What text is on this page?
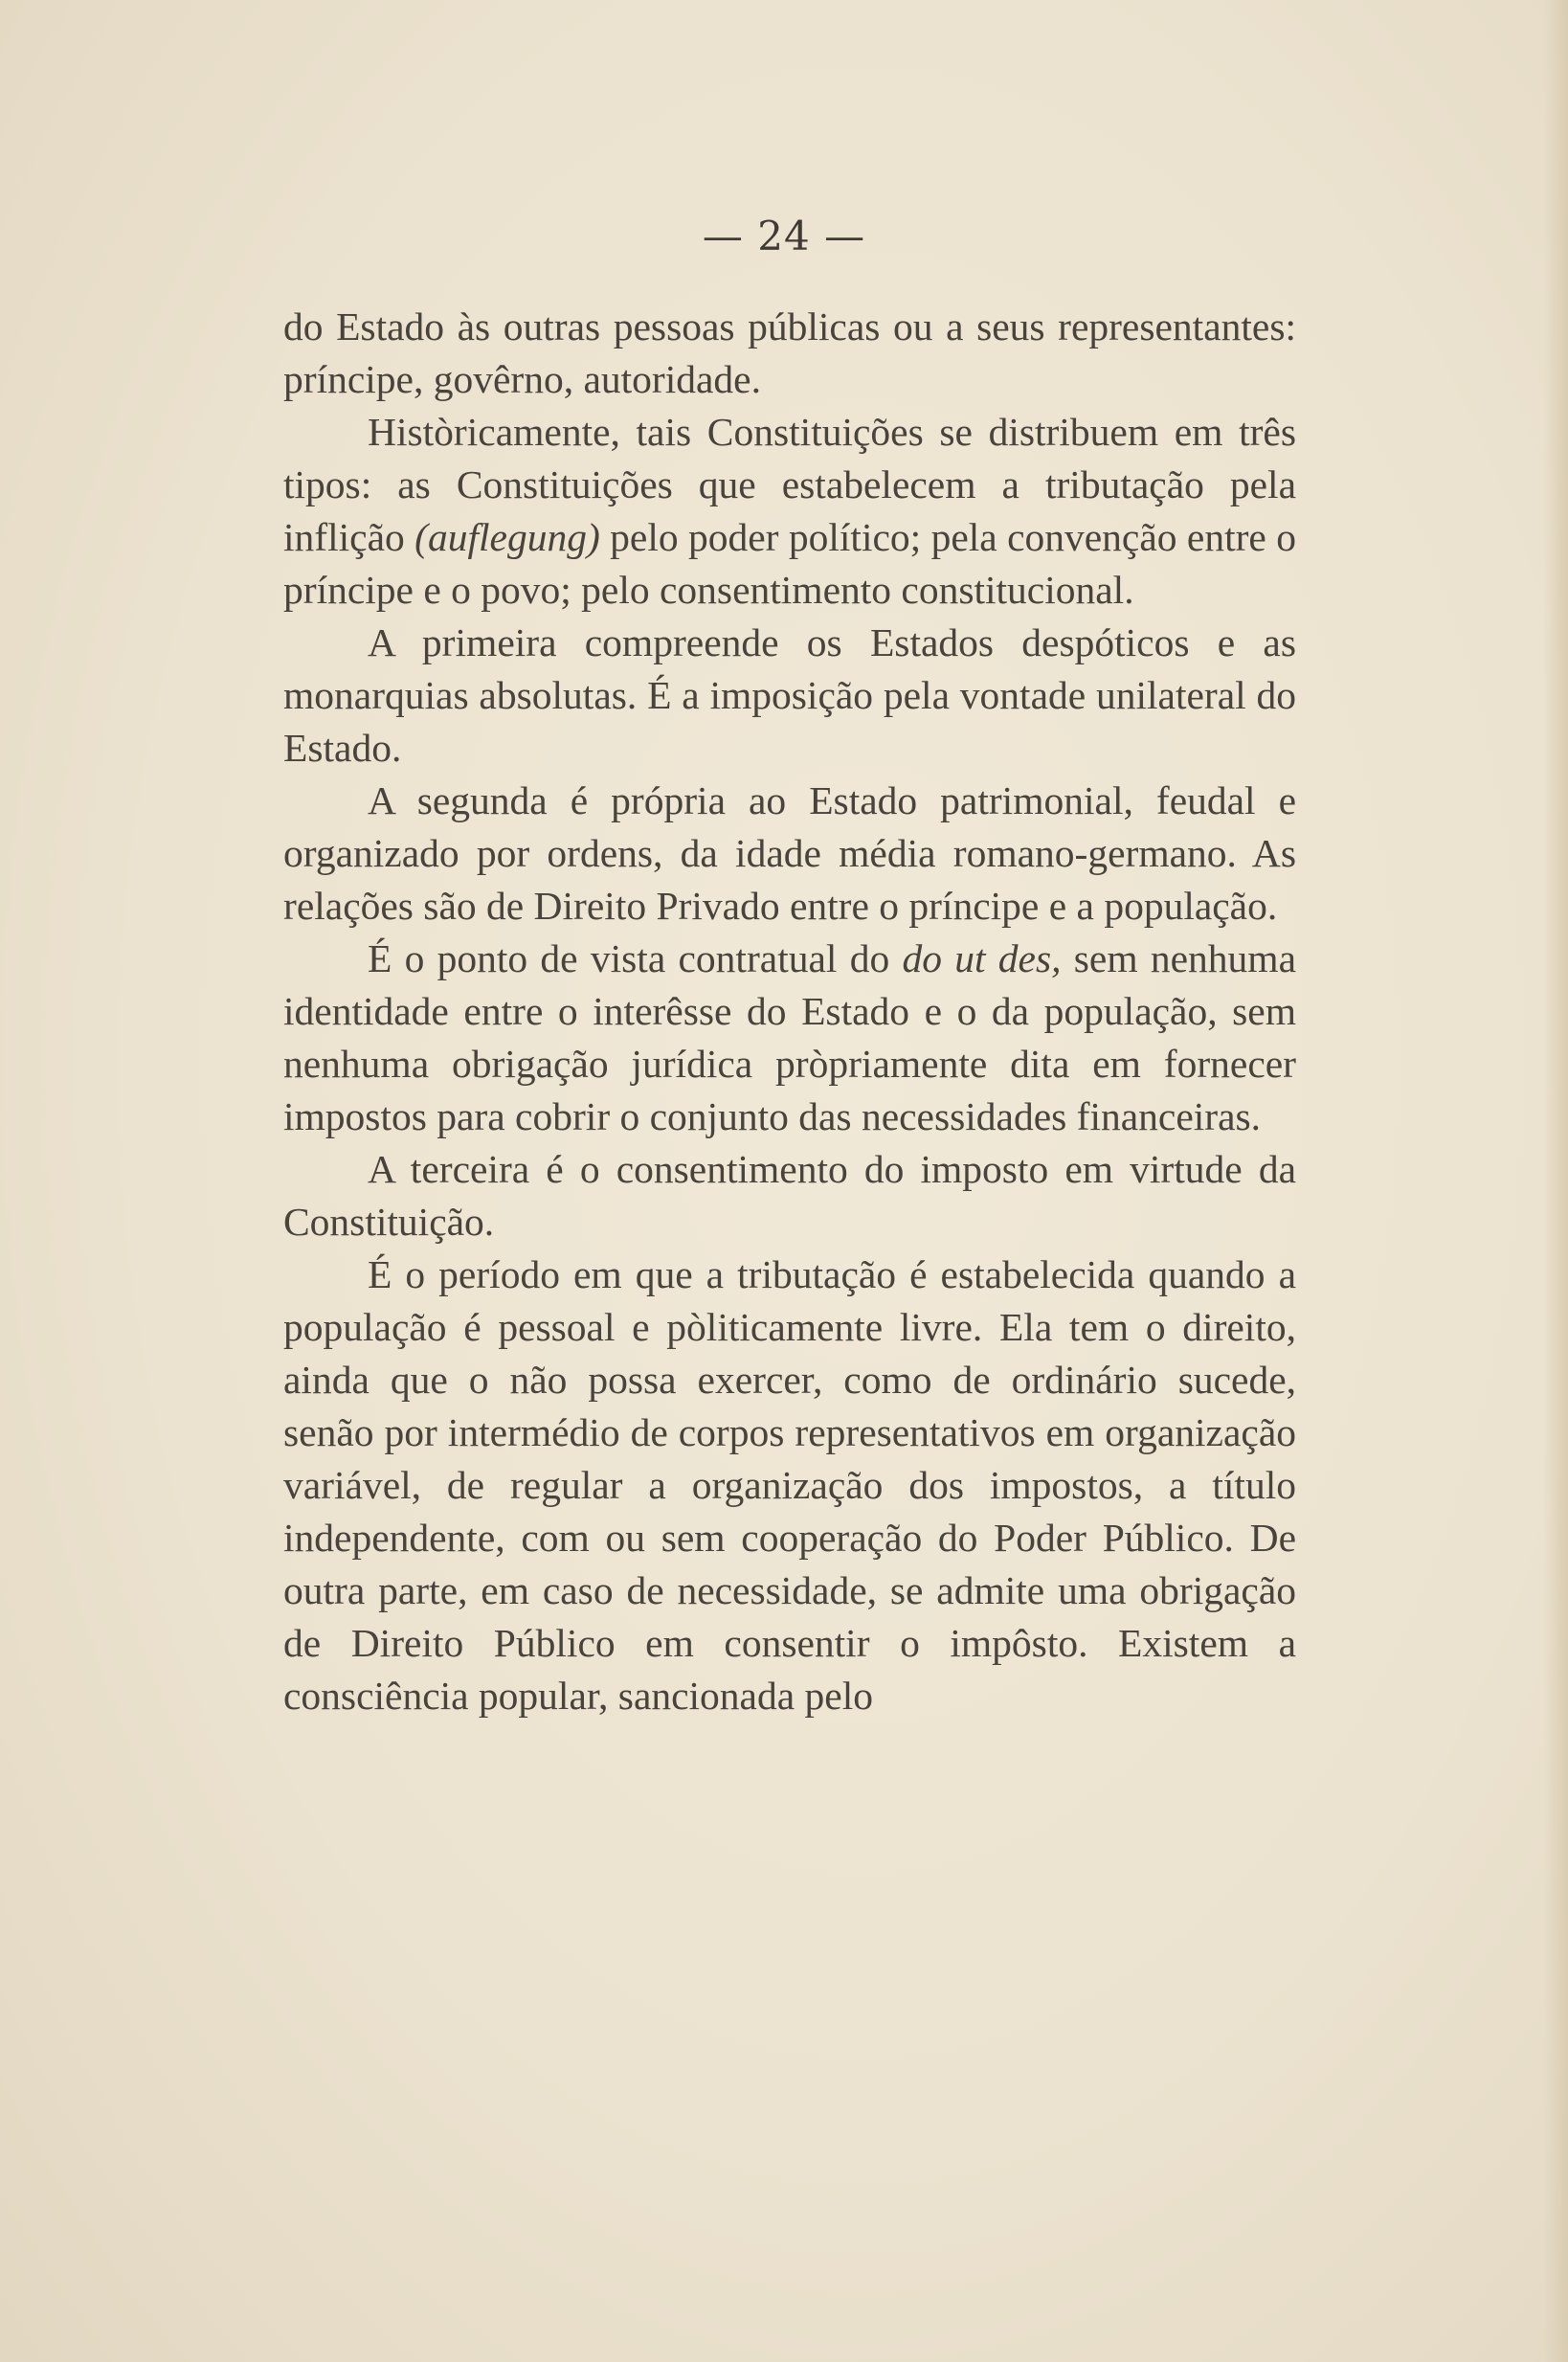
— 24 —

do Estado às outras pessoas públicas ou a seus representantes: príncipe, govêrno, autoridade.

Històricamente, tais Constituições se distribuem em três tipos: as Constituições que estabelecem a tributação pela inflição (auflegung) pelo poder político; pela convenção entre o príncipe e o povo; pelo consentimento constitucional.

A primeira compreende os Estados despóticos e as monarquias absolutas. É a imposição pela vontade unilateral do Estado.

A segunda é própria ao Estado patrimonial, feudal e organizado por ordens, da idade média romano-germano. As relações são de Direito Privado entre o príncipe e a população.

É o ponto de vista contratual do do ut des, sem nenhuma identidade entre o interêsse do Estado e o da população, sem nenhuma obrigação jurídica pròpriamente dita em fornecer impostos para cobrir o conjunto das necessidades financeiras.

A terceira é o consentimento do imposto em virtude da Constituição.

É o período em que a tributação é estabelecida quando a população é pessoal e pòliticamente livre. Ela tem o direito, ainda que o não possa exercer, como de ordinário sucede, senão por intermédio de corpos representativos em organização variável, de regular a organização dos impostos, a título independente, com ou sem cooperação do Poder Público. De outra parte, em caso de necessidade, se admite uma obrigação de Direito Público em consentir o impôsto. Existem a consciência popular, sancionada pelo
